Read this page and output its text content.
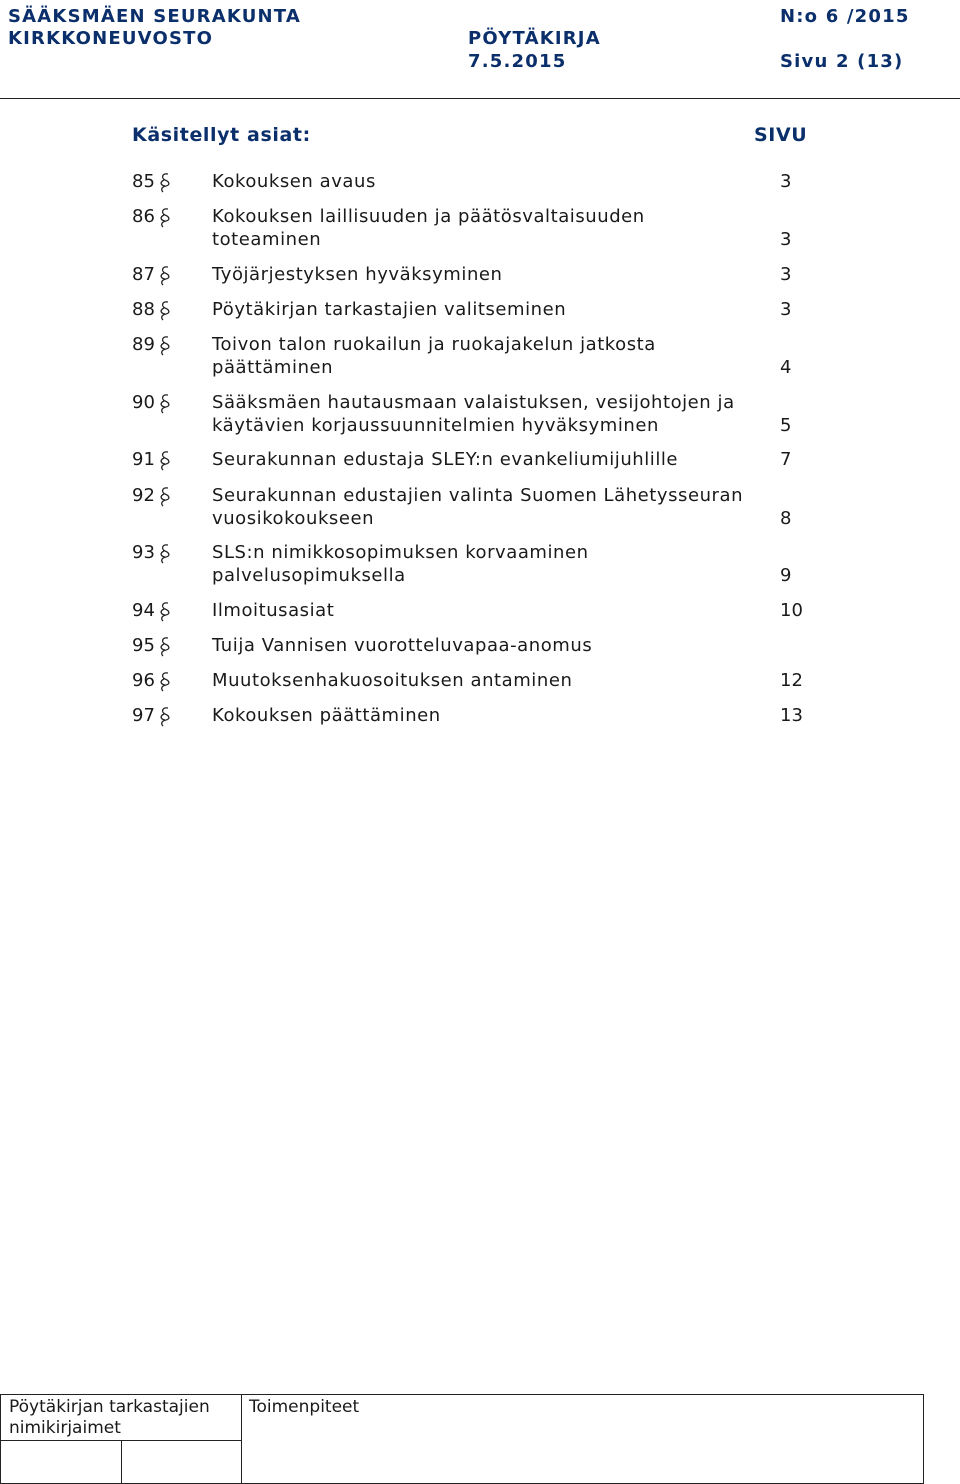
SÄÄKSMÄEN SEURAKUNTA
KIRKKONEUVOSTO	PÖYTÄKIRJA
7.5.2015
N:o 6 /2015
Sivu 2 (13)
Käsitellyt asiat:	SIVU
85	Kokouksen avaus	3
86	Kokouksen laillisuuden ja päätösvaltaisuuden
toteaminen	3
87	Työjärjestyksen hyväksyminen	3
88	Pöytäkirjan tarkastajien valitseminen	3
89	Toivon talon ruokailun ja ruokajakelun jatkosta
päättäminen	4
90	Sääksmäen hautausmaan valaistuksen, vesijohtojen ja
käytävien korjaussuunnitelmien hyväksyminen	5
91	Seurakunnan edustaja SLEY:n evankeliumijuhlille	7
92	Seurakunnan edustajien valinta Suomen Lähetysseuran
vuosikokoukseen	8
93	SLS:n nimikkosopimuksen korvaaminen
palvelusopimuksella	9
94	Ilmoitusasiat	10
95	Tuija Vannisen vuorotteluvapaa-anomus
96	Muutoksenhakuosoituksen antaminen	12
97	Kokouksen päättäminen	13
Pöytäkirjan tarkastajien
nimikirjaimet
Toimenpiteet
